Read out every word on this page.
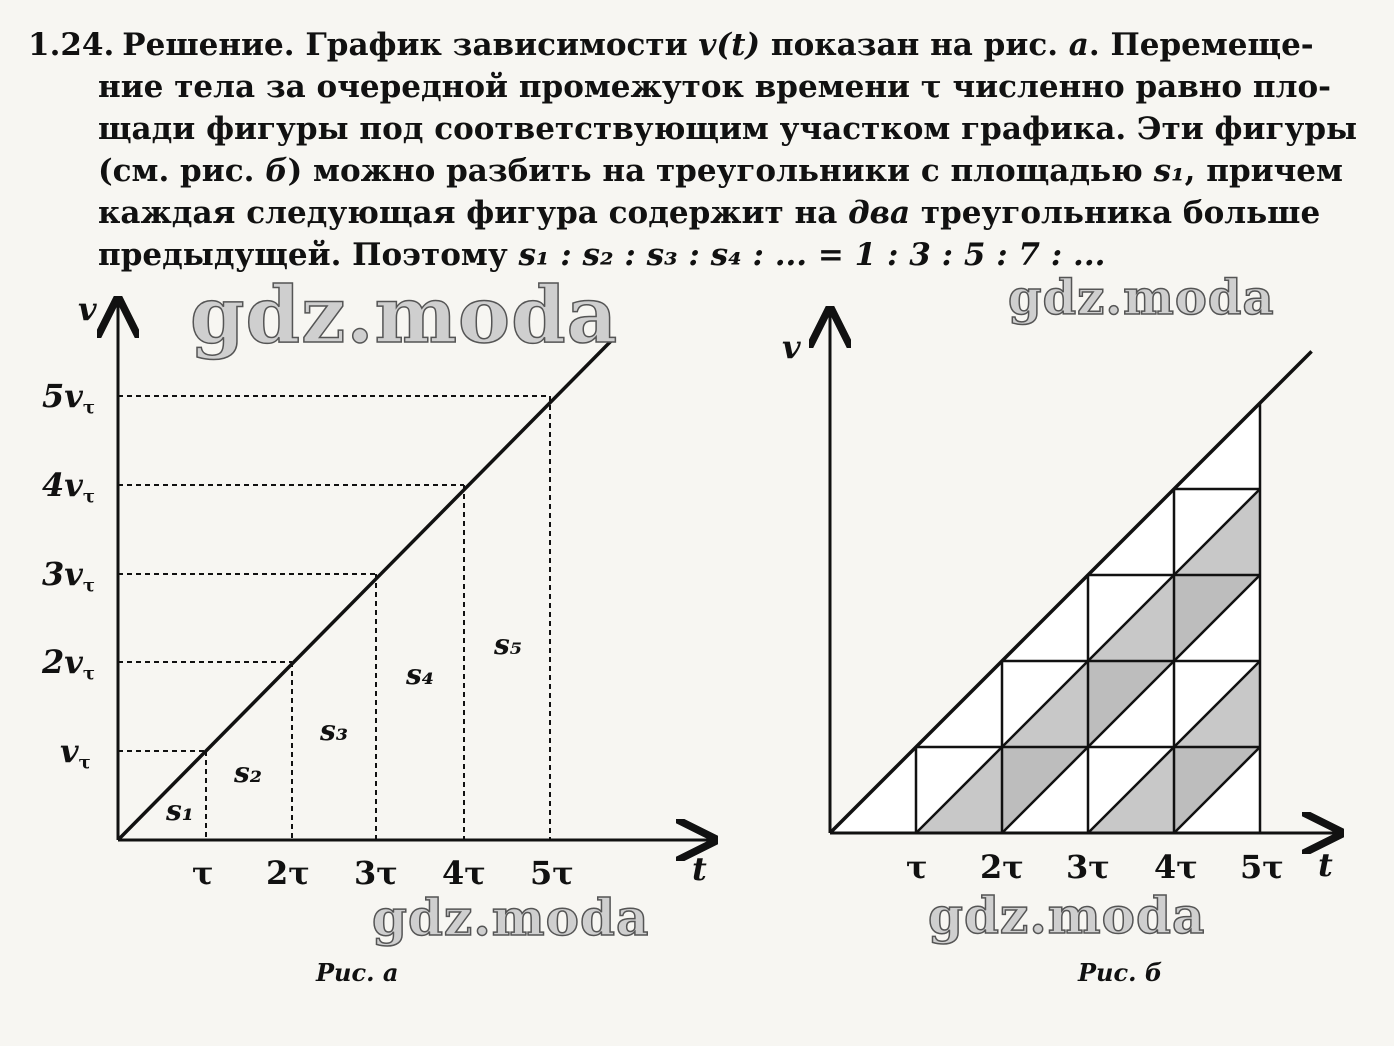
1.24. Решение. График зависимости v(t) показан на рис. a. Перемеще-
ние тела за очередной промежуток времени τ численно равно пло-
щади фигуры под соответствующим участком графика. Эти фигуры
(см. рис. б) можно разбить на треугольники с площадью s₁, причем
каждая следующая фигура содержит на два треугольника больше
предыдущей. Поэтому s₁ : s₂ : s₃ : s₄ : ... = 1 : 3 : 5 : 7 : ...
v
t
τ 2τ 3τ 4τ 5τ
vτ
2vτ
3vτ
4vτ
5vτ
s₁
s₂
s₃
s₄
s₅
v
t
τ 2τ 3τ 4τ 5τ
Рис. а	Рис. б
gdz.moda	gdz.moda
gdz.moda	gdz.moda
